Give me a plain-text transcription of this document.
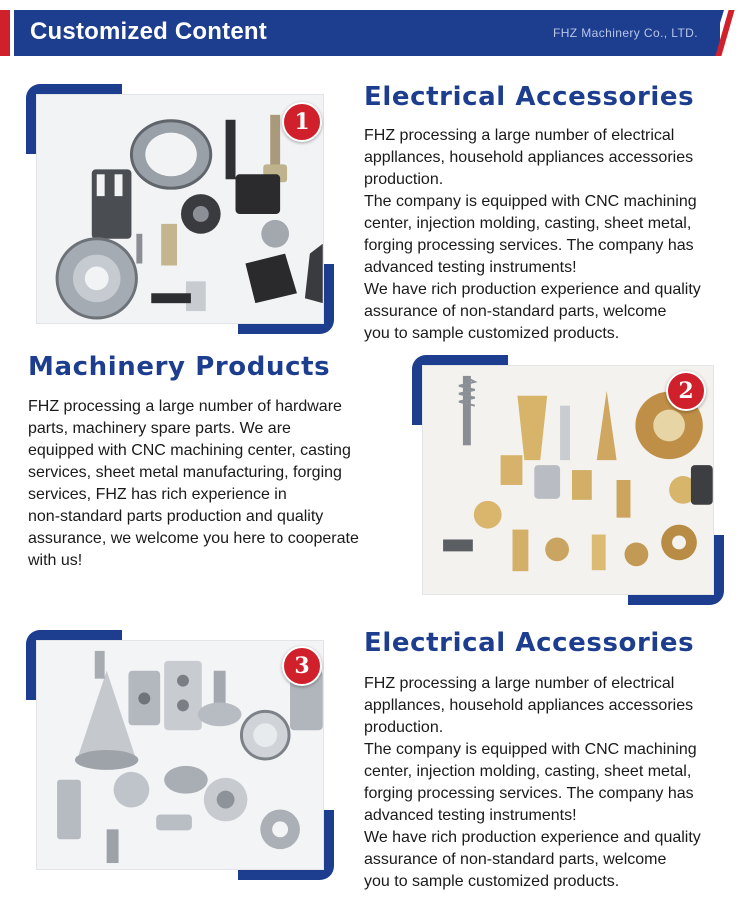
Customized Content	FHZ Machinery Co., LTD.
1
Electrical Accessories
FHZ processing a large number of electrical
appllances, household appliances accessories
production.
The company is equipped with CNC machining
center, injection molding, casting, sheet metal,
forging processing services. The company has
advanced testing instruments!
We have rich production experience and quality
assurance of non-standard parts, welcome
you to sample customized products.
Machinery Products
FHZ processing a large number of hardware
parts, machinery spare parts. We are
equipped with CNC machining center, casting
services, sheet metal manufacturing, forging
services, FHZ has rich experience in
non-standard parts production and quality
assurance, we welcome you here to cooperate
with us!
2
3
Electrical Accessories
FHZ processing a large number of electrical
appllances, household appliances accessories
production.
The company is equipped with CNC machining
center, injection molding, casting, sheet metal,
forging processing services. The company has
advanced testing instruments!
We have rich production experience and quality
assurance of non-standard parts, welcome
you to sample customized products.
